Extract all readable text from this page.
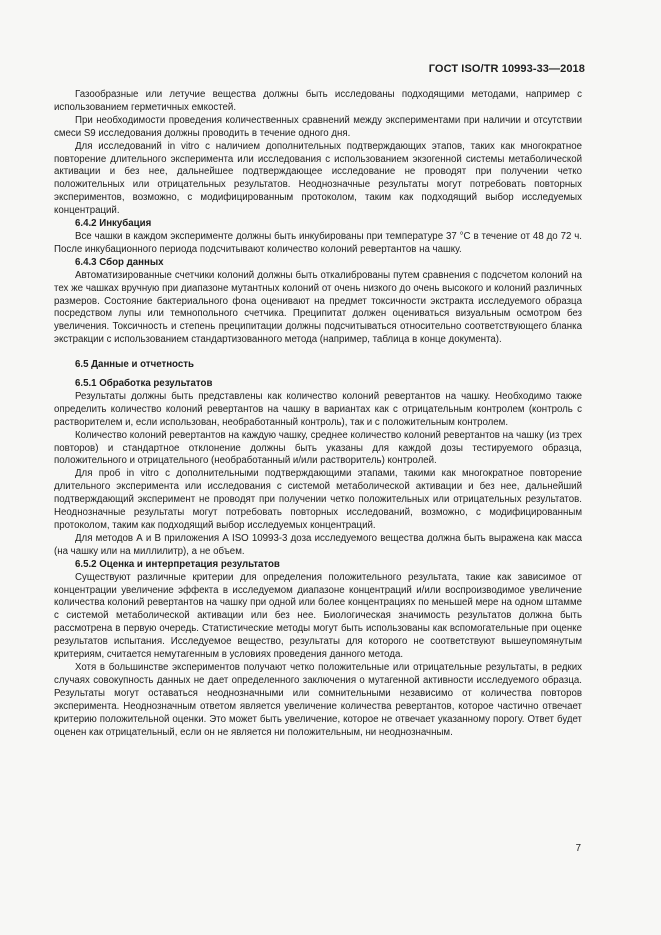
ГОСТ ISO/TR 10993-33—2018

Газообразные или летучие вещества должны быть исследованы подходящими методами, например с использованием герметичных емкостей.

При необходимости проведения количественных сравнений между экспериментами при наличии и отсутствии смеси S9 исследования должны проводить в течение одного дня.

Для исследований in vitro с наличием дополнительных подтверждающих этапов, таких как многократное повторение длительного эксперимента или исследования с использованием экзогенной системы метаболической активации и без нее, дальнейшее подтверждающее исследование не проводят при получении четко положительных или отрицательных результатов. Неоднозначные результаты могут потребовать повторных экспериментов, возможно, с модифицированным протоколом, таким как подходящий выбор исследуемых концентраций.

6.4.2 Инкубация

Все чашки в каждом эксперименте должны быть инкубированы при температуре 37 °С в течение от 48 до 72 ч. После инкубационного периода подсчитывают количество колоний ревертантов на чашку.

6.4.3 Сбор данных

Автоматизированные счетчики колоний должны быть откалиброваны путем сравнения с подсчетом колоний на тех же чашках вручную при диапазоне мутантных колоний от очень низкого до очень высокого и колоний различных размеров. Состояние бактериального фона оценивают на предмет токсичности экстракта исследуемого образца посредством лупы или темнопольного счетчика. Преципитат должен оцениваться визуальным осмотром без увеличения. Токсичность и степень преципитации должны подсчитываться относительно соответствующего бланка экстракции с использованием стандартизованного метода (например, таблица в конце документа).

6.5 Данные и отчетность
6.5.1 Обработка результатов

Результаты должны быть представлены как количество колоний ревертантов на чашку. Необходимо также определить количество колоний ревертантов на чашку в вариантах как с отрицательным контролем (контроль с растворителем и, если использован, необработанный контроль), так и с положительным контролем.

Количество колоний ревертантов на каждую чашку, среднее количество колоний ревертантов на чашку (из трех повторов) и стандартное отклонение должны быть указаны для каждой дозы тестируемого образца, положительного и отрицательного (необработанный и/или растворитель) контролей.

Для проб in vitro с дополнительными подтверждающими этапами, такими как многократное повторение длительного эксперимента или исследования с системой метаболической активации и без нее, дальнейший подтверждающий эксперимент не проводят при получении четко положительных или отрицательных результатов. Неоднозначные результаты могут потребовать повторных исследований, возможно, с модифицированным протоколом, таким как подходящий выбор исследуемых концентраций.

Для методов А и В приложения А ISO 10993-3 доза исследуемого вещества должна быть выражена как масса (на чашку или на миллилитр), а не объем.

6.5.2 Оценка и интерпретация результатов

Существуют различные критерии для определения положительного результата, такие как зависимое от концентрации увеличение эффекта в исследуемом диапазоне концентраций и/или воспроизводимое увеличение количества колоний ревертантов на чашку при одной или более концентрациях по меньшей мере на одном штамме с системой метаболической активации или без нее. Биологическая значимость результатов должна быть рассмотрена в первую очередь. Статистические методы могут быть использованы как вспомогательные при оценке результатов испытания. Исследуемое вещество, результаты для которого не соответствуют вышеупомянутым критериям, считается немутагенным в условиях проведения данного метода.

Хотя в большинстве экспериментов получают четко положительные или отрицательные результаты, в редких случаях совокупность данных не дает определенного заключения о мутагенной активности исследуемого образца. Результаты могут оставаться неоднозначными или сомнительными независимо от количества повторов эксперимента. Неоднозначным ответом является увеличение количества ревертантов, которое частично отвечает критерию положительной оценки. Это может быть увеличение, которое не отвечает указанному порогу. Ответ будет оценен как отрицательный, если он не является ни положительным, ни неоднозначным.

7
